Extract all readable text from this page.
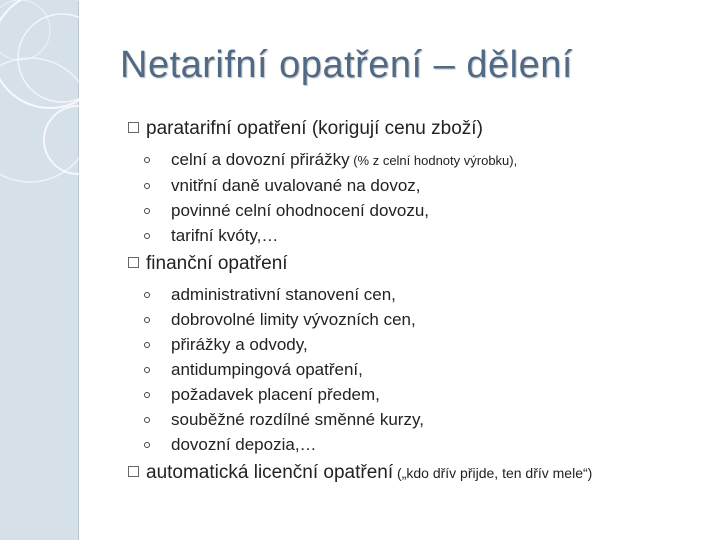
Netarifní opatření – dělení
paratarifní opatření (korigují cenu zboží)
celní a dovozní přirážky (% z celní hodnoty výrobku),
vnitřní daně uvalované na dovoz,
povinné celní ohodnocení dovozu,
tarifní kvóty,…
finanční opatření
administrativní stanovení cen,
dobrovolné limity vývozních cen,
přirážky a odvody,
antidumpingová opatření,
požadavek placení předem,
souběžné rozdílné směnné kurzy,
dovozní depozia,…
automatická licenční opatření („kdo dřív přijde, ten dřív mele“)
